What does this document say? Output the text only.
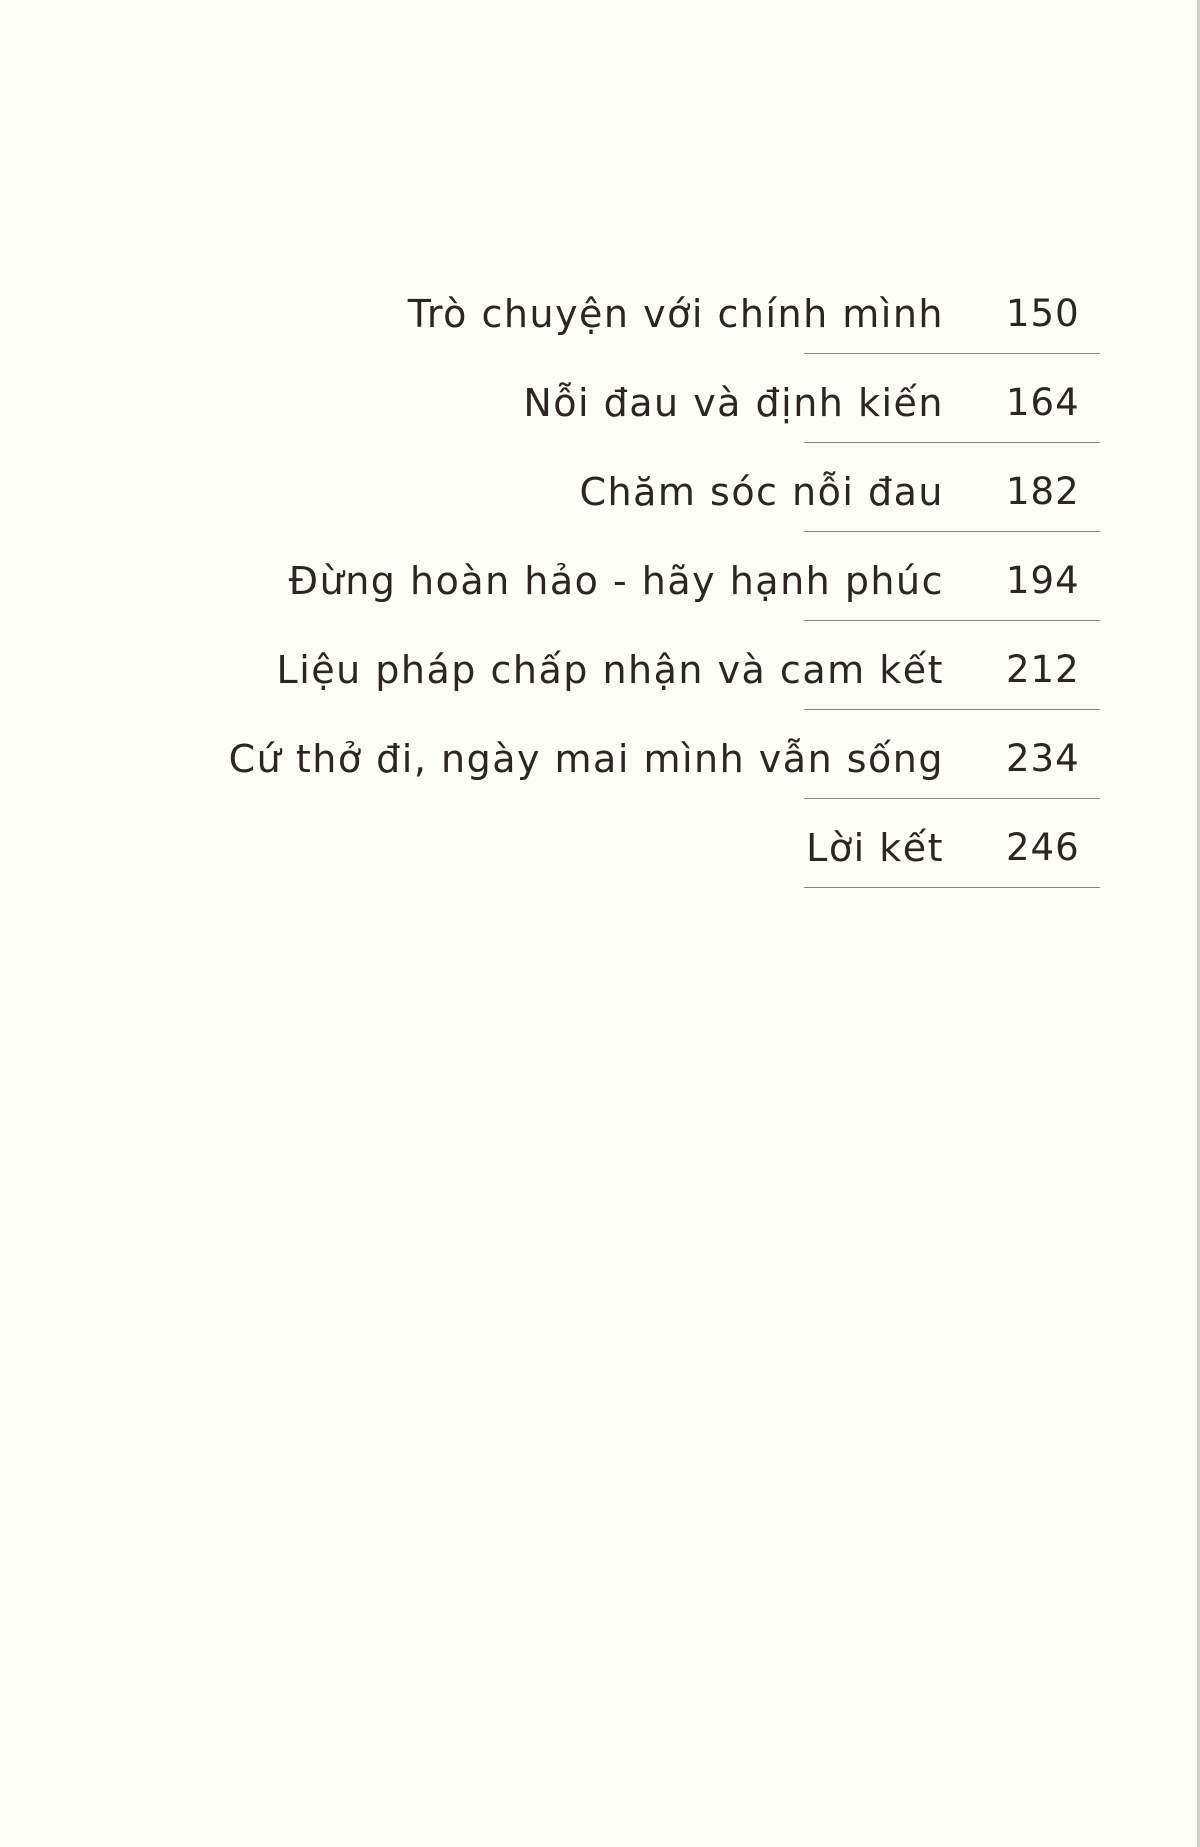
Trò chuyện với chính mình 150
Nỗi đau và định kiến 164
Chăm sóc nỗi đau 182
Đừng hoàn hảo - hãy hạnh phúc 194
Liệu pháp chấp nhận và cam kết 212
Cứ thở đi, ngày mai mình vẫn sống 234
Lời kết 246
